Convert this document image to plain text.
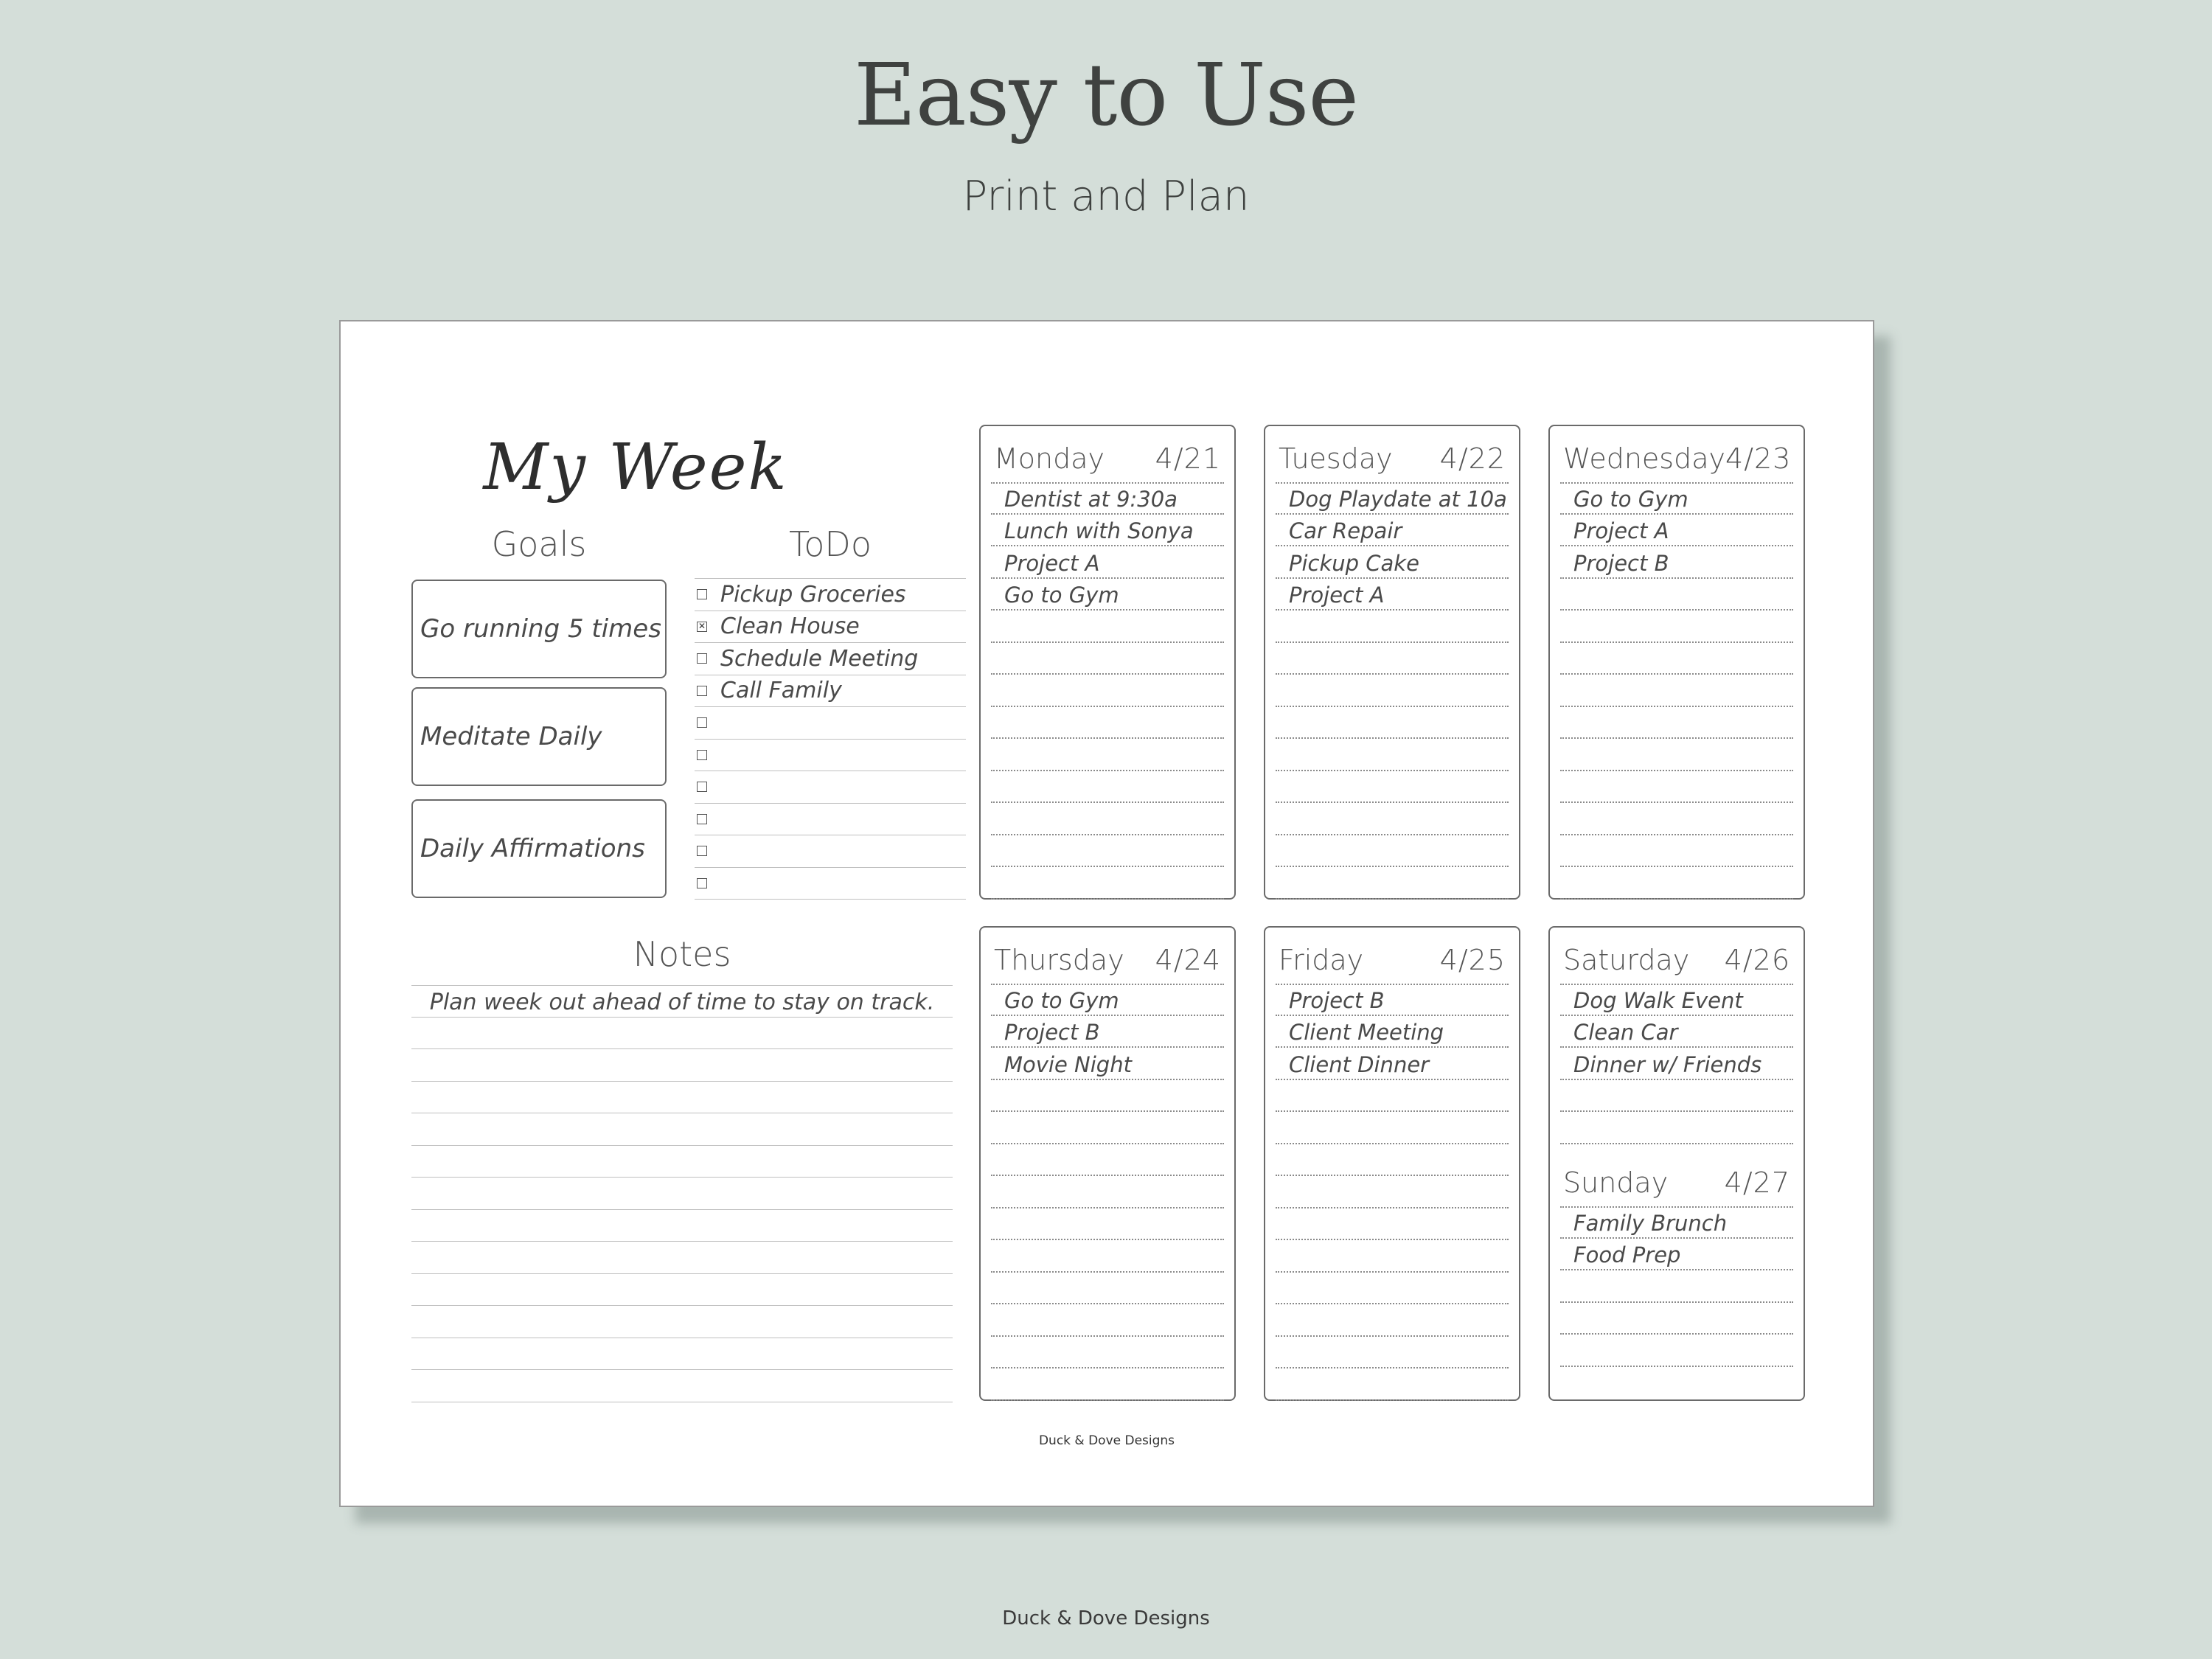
Easy to Use
Print and Plan
My Week
Goals	ToDo
Go running 5 times
Meditate Daily
Daily Affirmations
Pickup Groceries
✕ Clean House
Schedule Meeting
Call Family
Notes
Plan week out ahead of time to stay on track.
Monday 4/21
Dentist at 9:30a
Lunch with Sonya
Project A
Go to Gym
Tuesday 4/22
Dog Playdate at 10a
Car Repair
Pickup Cake
Project A
Wednesday 4/23
Go to Gym
Project A
Project B
Thursday 4/24
Go to Gym
Project B
Movie Night
Friday	4/25
Project B
Client Meeting
Client Dinner
Saturday 4/26
Dog Walk Event
Clean Car
Dinner w/ Friends
Sunday 4/27
Family Brunch
Food Prep
Duck & Dove Designs
Duck & Dove Designs
